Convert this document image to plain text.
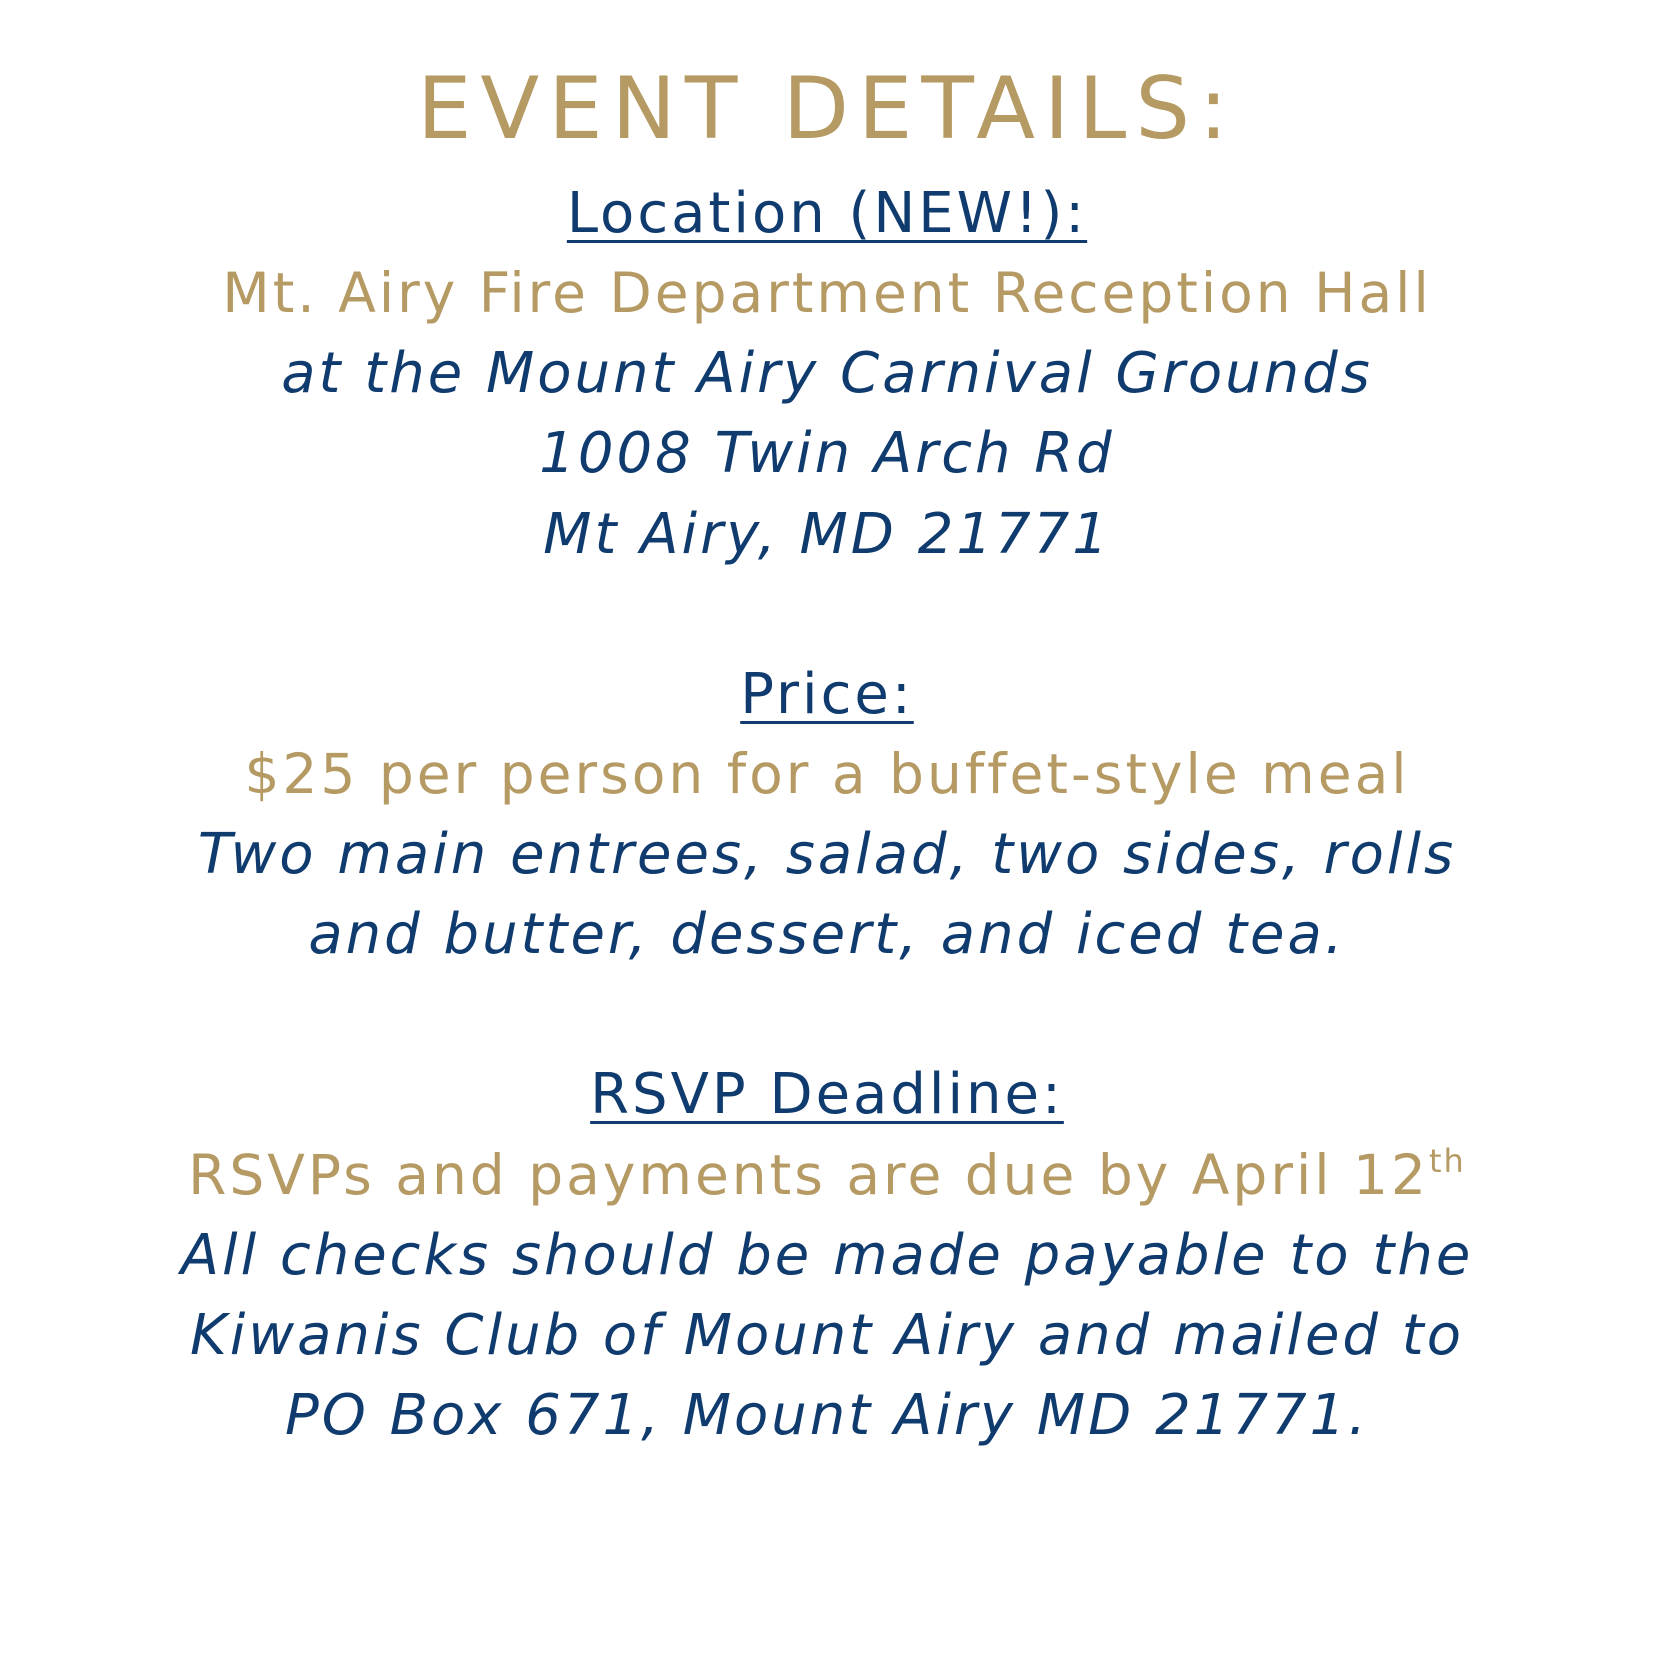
EVENT DETAILS:
Location (NEW!):
Mt. Airy Fire Department Reception Hall
at the Mount Airy Carnival Grounds
1008 Twin Arch Rd
Mt Airy, MD 21771
Price:
$25 per person for a buffet-style meal
Two main entrees, salad, two sides, rolls
and butter, dessert, and iced tea.
RSVP Deadline:
RSVPs and payments are due by April 12th
All checks should be made payable to the
Kiwanis Club of Mount Airy and mailed to
PO Box 671, Mount Airy MD 21771.
